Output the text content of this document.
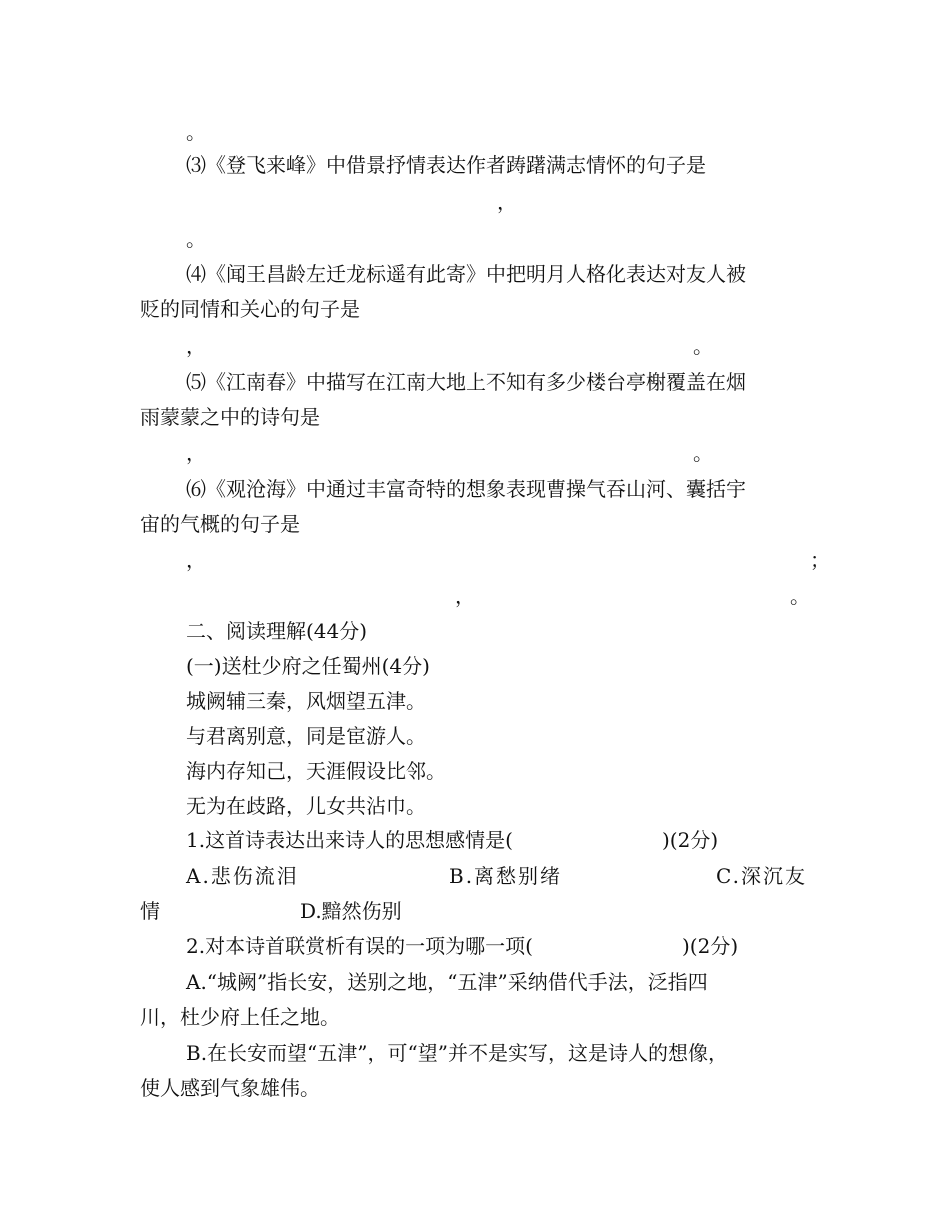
。
⑶《登飞来峰》中借景抒情表达作者踌躇满志情怀的句子是
，
。
⑷《闻王昌龄左迁龙标遥有此寄》中把明月人格化表达对友人被
贬的同情和关心的句子是
，	。
⑸《江南春》中描写在江南大地上不知有多少楼台亭榭覆盖在烟
雨蒙蒙之中的诗句是
，	。
⑹《观沧海》中通过丰富奇特的想象表现曹操气吞山河、囊括宇
宙的气概的句子是
，	；
，	。
二、阅读理解(44分)
(一)送杜少府之任蜀州(4分)
城阙辅三秦，风烟望五津。
与君离别意，同是宦游人。
海内存知己，天涯假设比邻。
无为在歧路，儿女共沾巾。
1.这首诗表达出来诗人的思想感情是(	)(2分)
A.悲伤流泪	B.离愁别绪	C.深沉友
情	D.黯然伤别
2.对本诗首联赏析有误的一项为哪一项(	)(2分)
A.“城阙”指长安，送别之地，“五津”采纳借代手法，泛指四
川，杜少府上任之地。
B.在长安而望“五津”，可“望”并不是实写，这是诗人的想像，
使人感到气象雄伟。
